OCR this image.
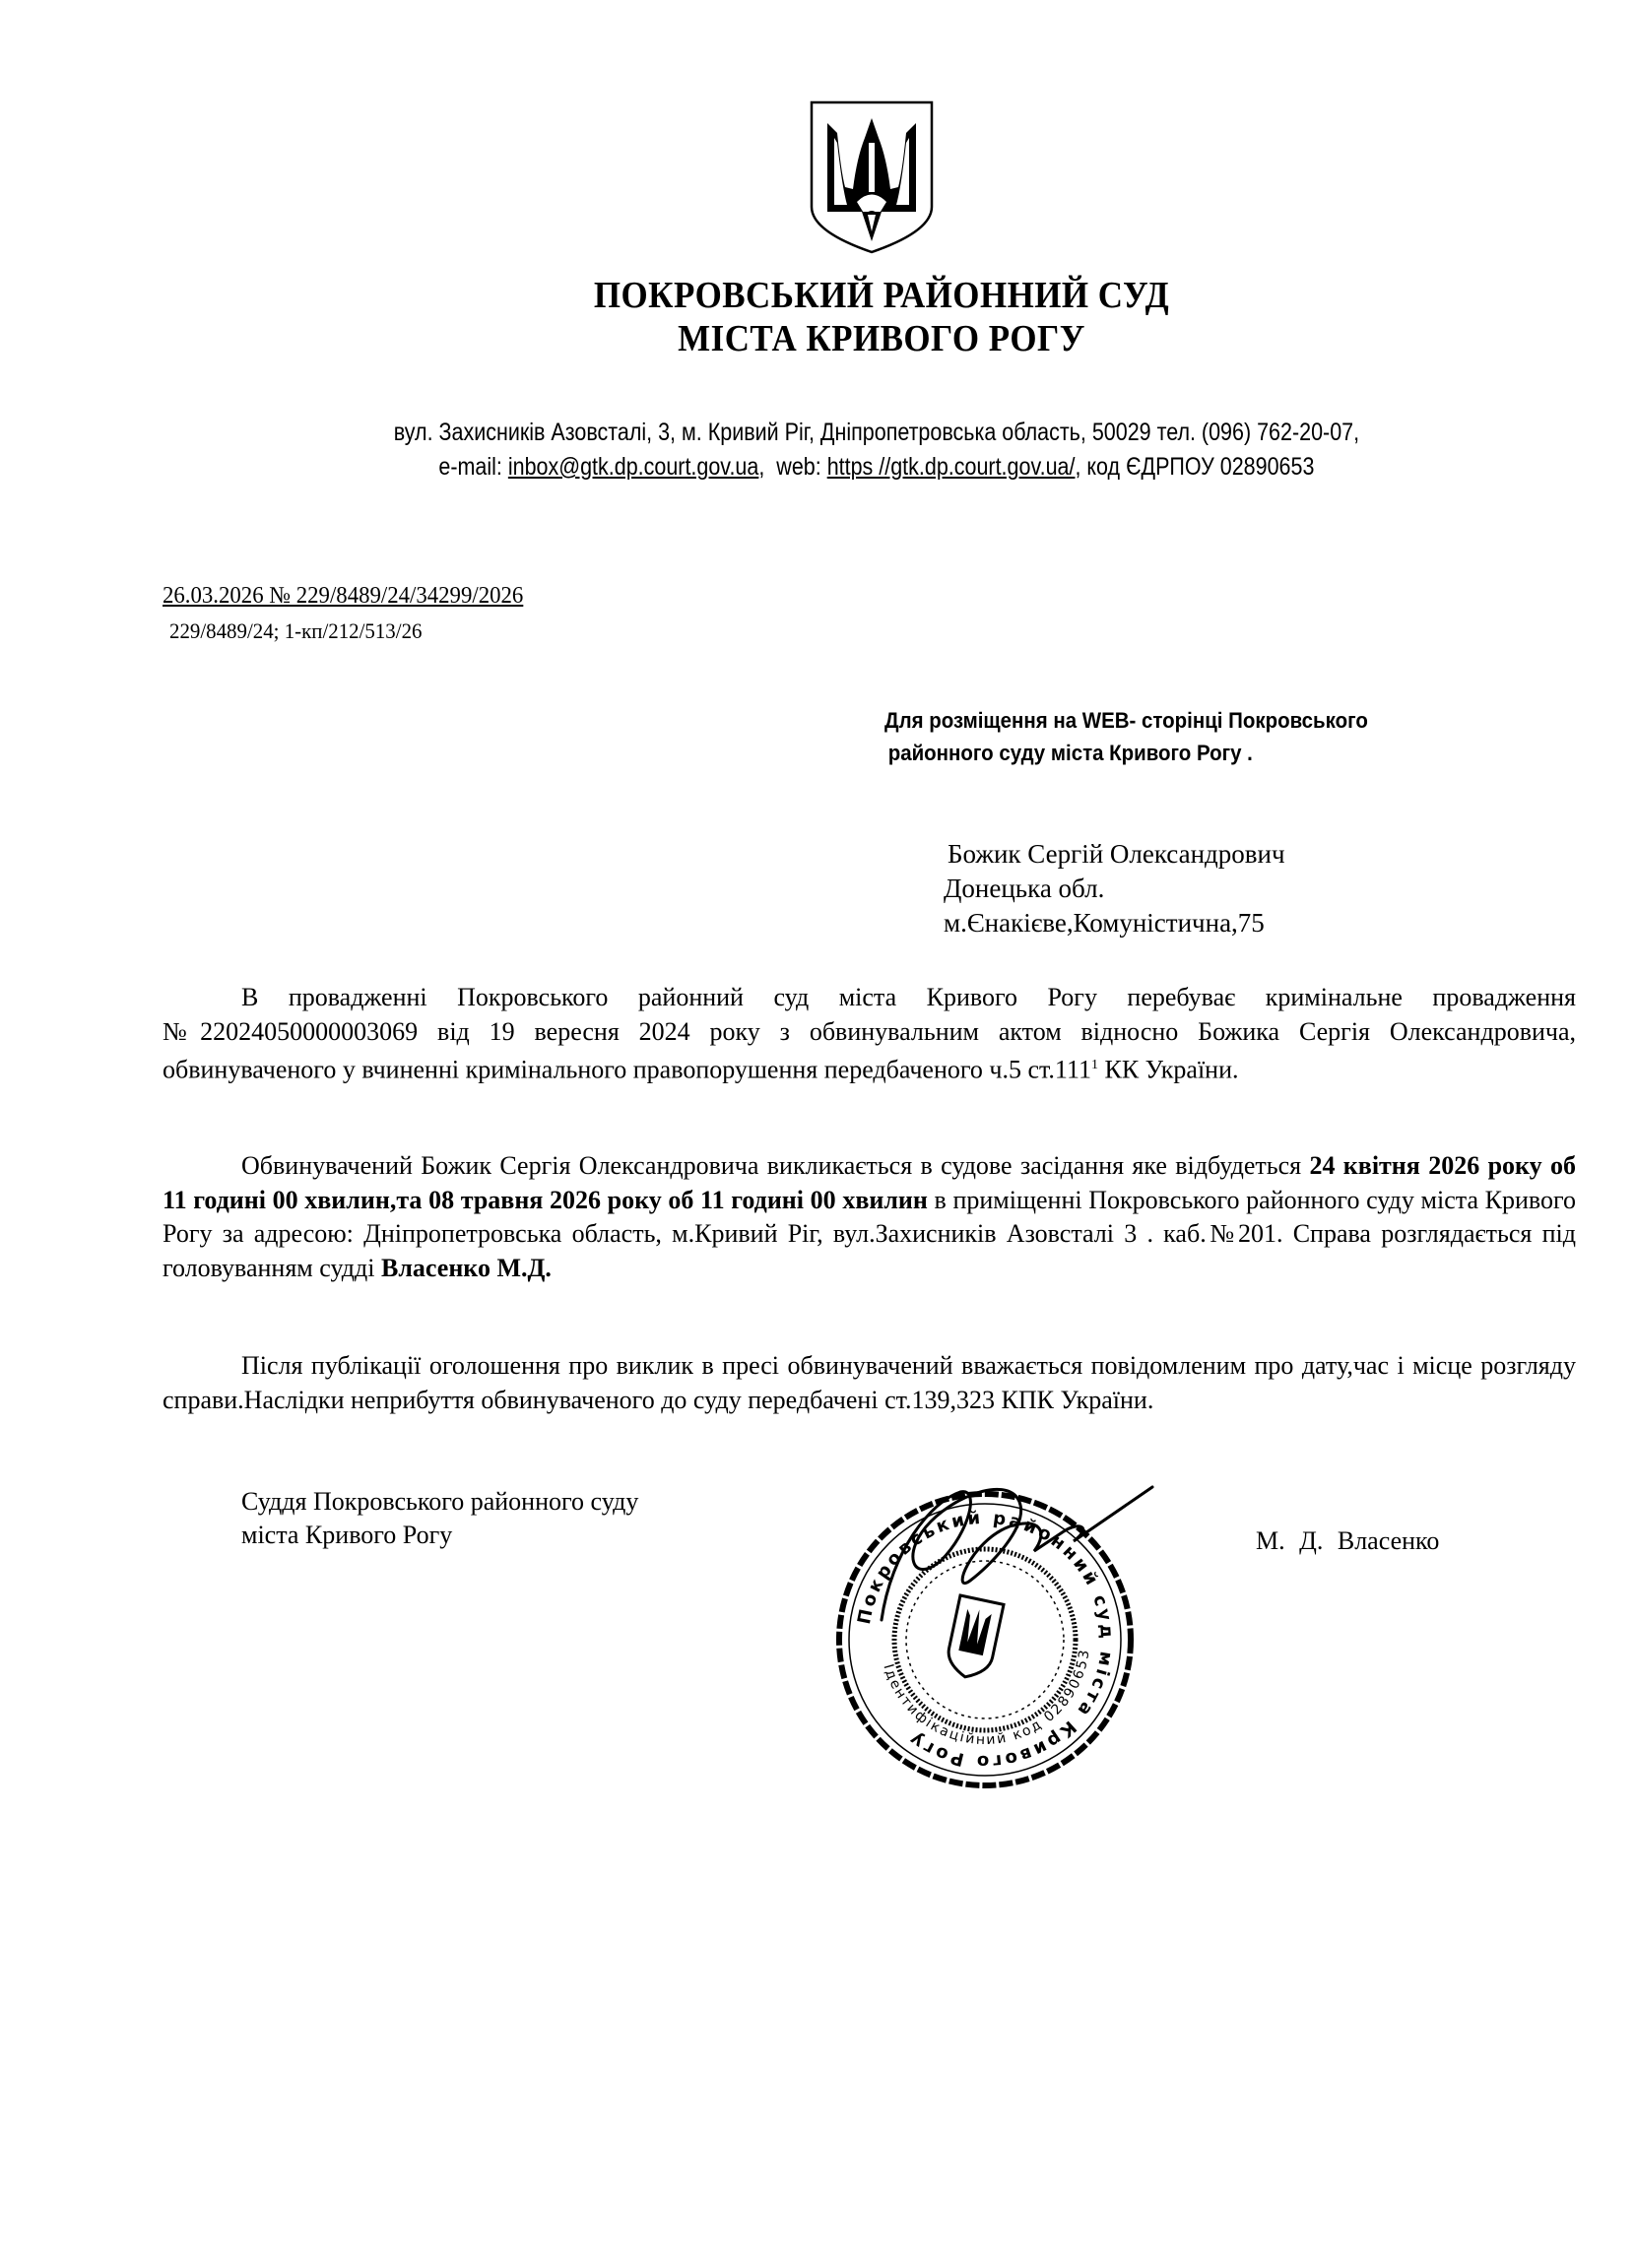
ПОКРОВСЬКИЙ РАЙОННИЙ СУД
МІСТА КРИВОГО РОГУ
вул. Захисників Азовсталі, 3, м. Кривий Ріг, Дніпропетровська область, 50029 тел. (096) 762-20-07,
e-mail: inbox@gtk.dp.court.gov.ua,  web: https //gtk.dp.court.gov.ua/, код ЄДРПОУ 02890653
26.03.2026 № 229/8489/24/34299/2026
229/8489/24; 1-кп/212/513/26
Для розміщення на WEB- сторінці Покровського
районного суду міста Кривого Рогу .
Божик Сергій Олександрович
Донецька обл.
м.Єнакієве,Комуністична,75

В провадженні Покровського районний суд міста Кривого Рогу перебуває кримінальне провадження №22024050000003069 від 19 вересня 2024 року з обвинувальним актом відносно Божика Сергія Олександровича, обвинуваченого у вчиненні кримінального правопорушення передбаченого ч.5 ст.111$^1$ КК України.

Обвинувачений Божик Сергія Олександровича викликається в судове засідання яке відбудеться 24 квітня 2026 року об 11 годині 00 хвилин,та 08 травня 2026 року об 11 годині 00 хвилин в приміщенні Покровського районного суду міста Кривого Рогу за адресою: Дніпропетровська область, м.Кривий Ріг, вул.Захисників Азовсталі 3 . каб.№201. Справа розглядається під головуванням судді Власенко М.Д.

Після публікації оголошення про виклик в пресі обвинувачений вважається повідомленим про дату,час і місце розгляду справи.Наслідки неприбуття обвинуваченого до суду передбачені ст.139,323 КПК України.

Суддя Покровського районного суду
міста Кривого Рогу	М. Д. Власенко
Покровський районний суд міста Кривого Рогу
Ідентифікаційний код 02890653
